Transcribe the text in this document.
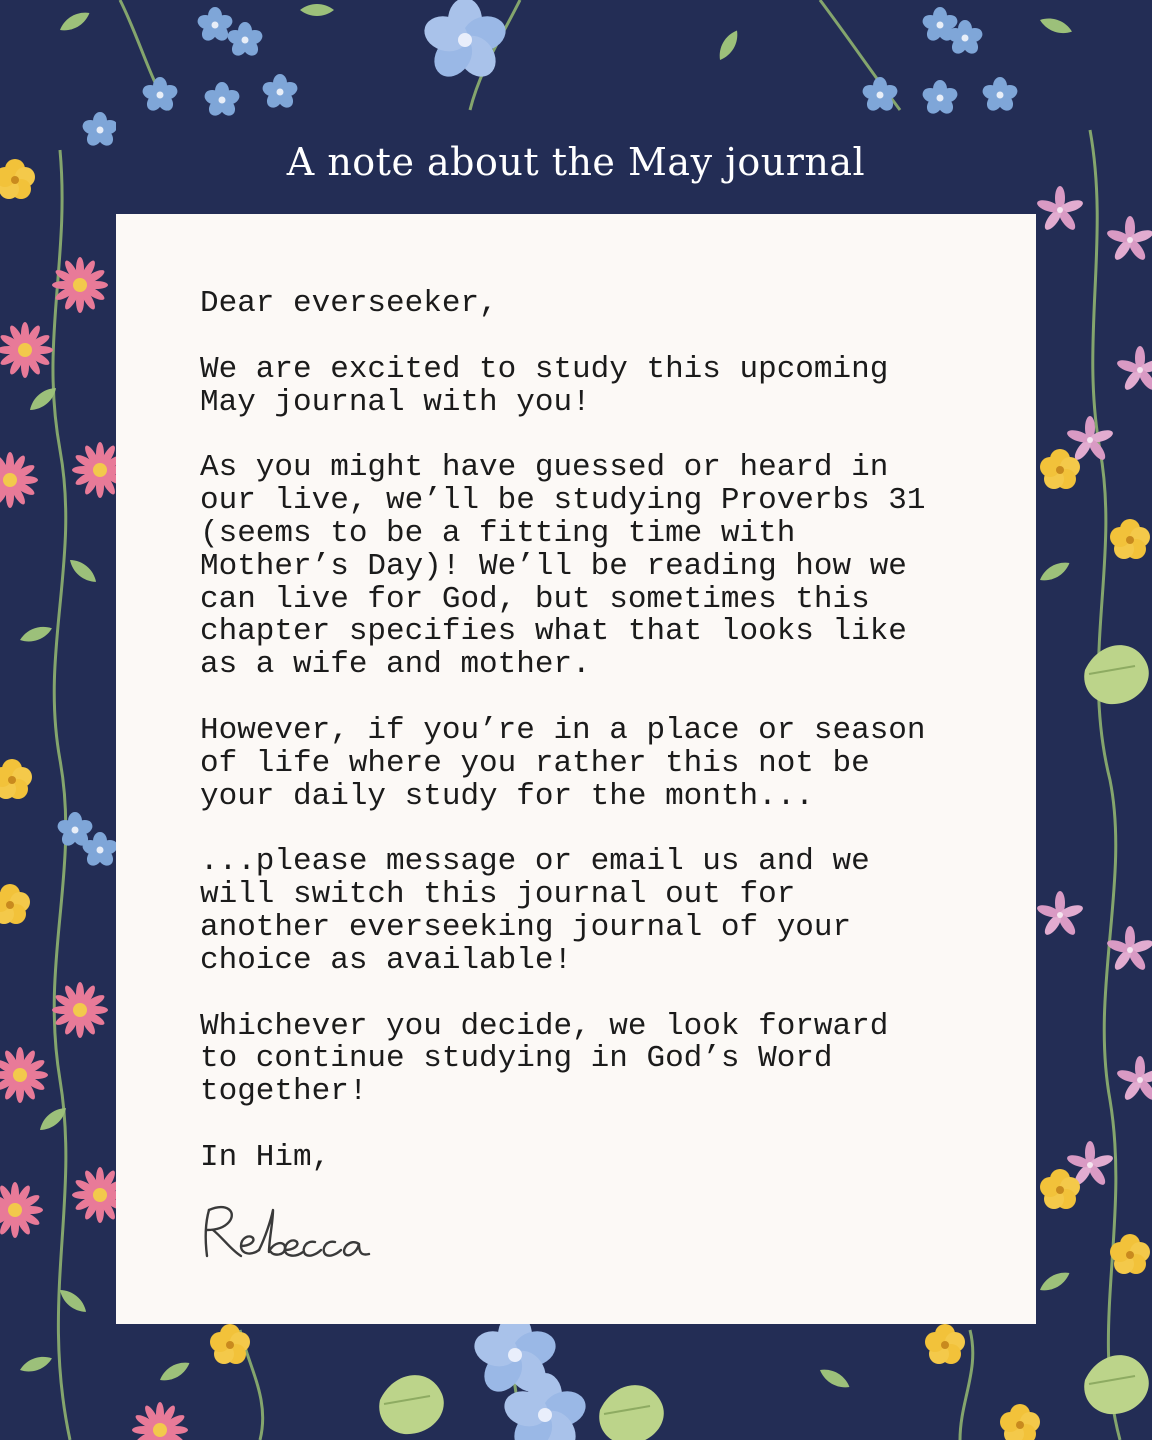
A note about the May journal

Dear everseeker,

We are excited to study this upcoming
May journal with you!

As you might have guessed or heard in
our live, we’ll be studying Proverbs 31
(seems to be a fitting time with
Mother’s Day)! We’ll be reading how we
can live for God, but sometimes this
chapter specifies what that looks like
as a wife and mother.

However, if you’re in a place or season
of life where you rather this not be
your daily study for the month...

...please message or email us and we
will switch this journal out for
another everseeking journal of your
choice as available!

Whichever you decide, we look forward
to continue studying in God’s Word
together!

In Him,
